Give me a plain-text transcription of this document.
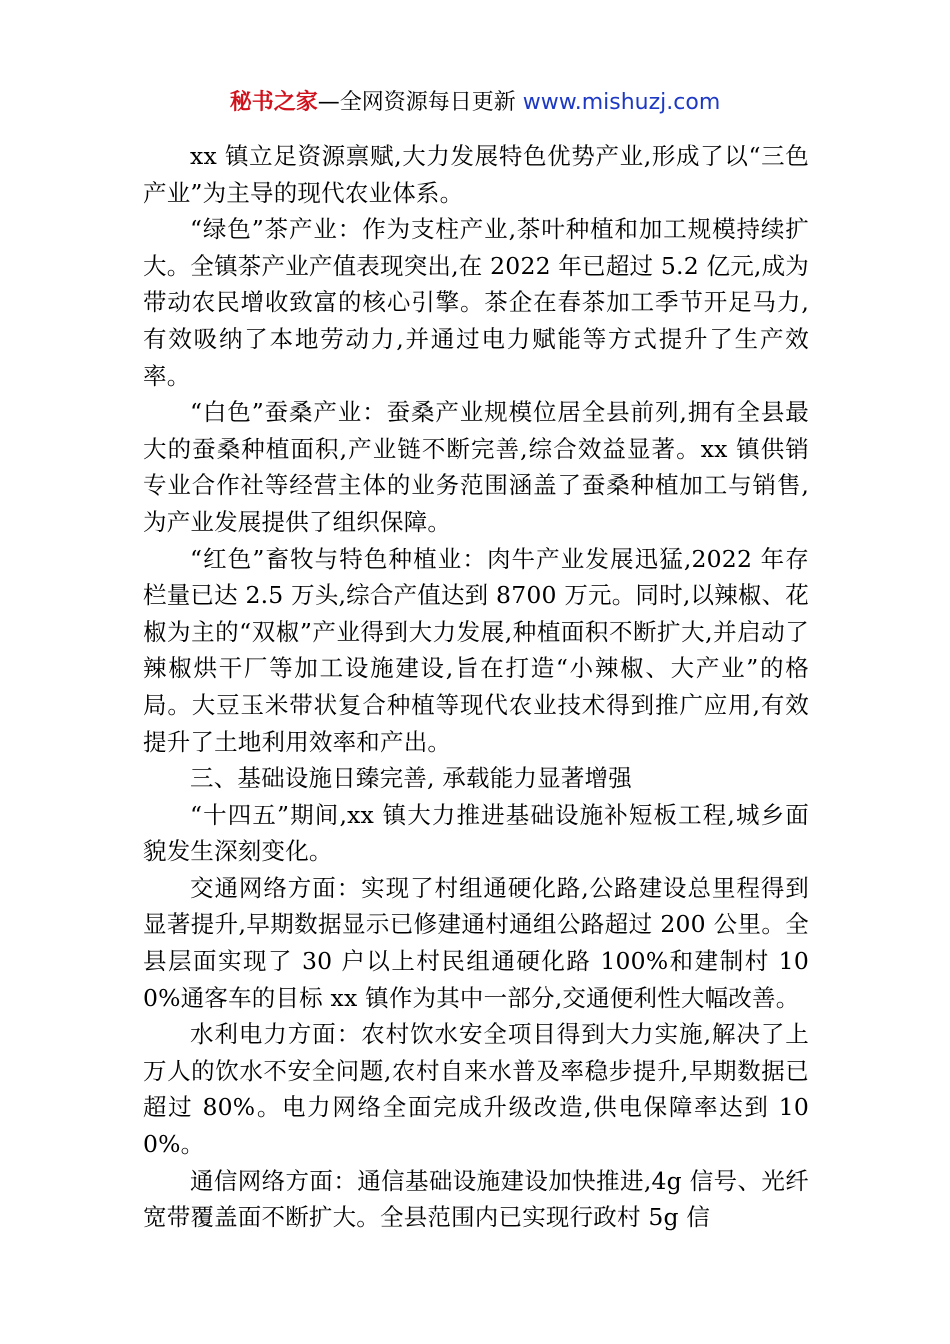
秘书之家—全网资源每日更新 www.mishuzj.com

xx 镇立足资源禀赋,大力发展特色优势产业,形成了以“三色产业”为主导的现代农业体系。

“绿色”茶产业：作为支柱产业,茶叶种植和加工规模持续扩大。全镇茶产业产值表现突出,在 2022 年已超过 5.2 亿元,成为带动农民增收致富的核心引擎。茶企在春茶加工季节开足马力,有效吸纳了本地劳动力,并通过电力赋能等方式提升了生产效率。

“白色”蚕桑产业：蚕桑产业规模位居全县前列,拥有全县最大的蚕桑种植面积,产业链不断完善,综合效益显著。xx 镇供销专业合作社等经营主体的业务范围涵盖了蚕桑种植加工与销售,为产业发展提供了组织保障。

“红色”畜牧与特色种植业：肉牛产业发展迅猛,2022 年存栏量已达 2.5 万头,综合产值达到 8700 万元。同时,以辣椒、花椒为主的“双椒”产业得到大力发展,种植面积不断扩大,并启动了辣椒烘干厂等加工设施建设,旨在打造“小辣椒、大产业”的格局。大豆玉米带状复合种植等现代农业技术得到推广应用,有效提升了土地利用效率和产出。

三、基础设施日臻完善, 承载能力显著增强

“十四五”期间,xx 镇大力推进基础设施补短板工程,城乡面貌发生深刻变化。

交通网络方面：实现了村组通硬化路,公路建设总里程得到显著提升,早期数据显示已修建通村通组公路超过 200 公里。全县层面实现了 30 户以上村民组通硬化路 100%和建制村 100%通客车的目标 xx 镇作为其中一部分,交通便利性大幅改善。

水利电力方面：农村饮水安全项目得到大力实施,解决了上万人的饮水不安全问题,农村自来水普及率稳步提升,早期数据已超过 80%。电力网络全面完成升级改造,供电保障率达到 100%。

通信网络方面：通信基础设施建设加快推进,4g 信号、光纤宽带覆盖面不断扩大。全县范围内已实现行政村 5g 信
